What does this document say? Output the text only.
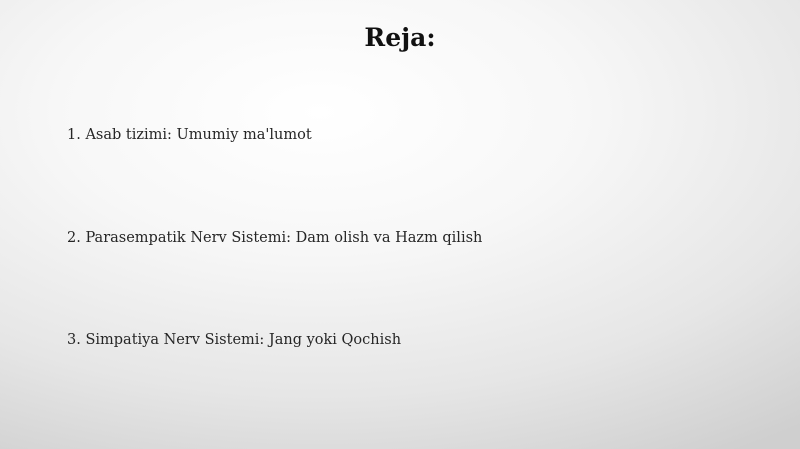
Reja:
1. Asab tizimi: Umumiy ma'lumot
2. Parasempatik Nerv Sistemi: Dam olish va Hazm qilish
3. Simpatiya Nerv Sistemi: Jang yoki Qochish
